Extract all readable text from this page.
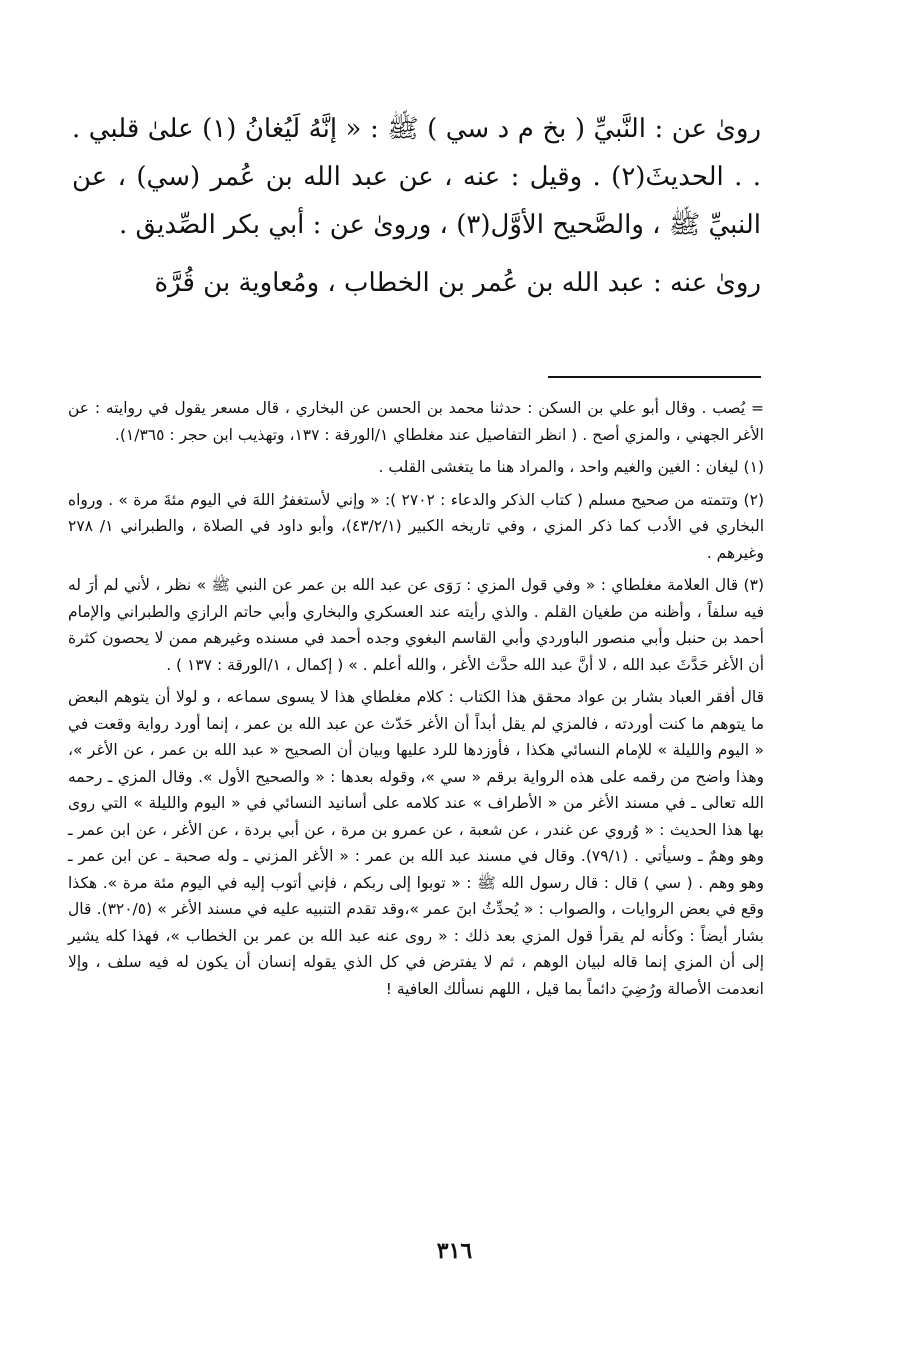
روىٰ عن : النَّبيِّ ( بخ م د سي ) ﷺ : « إنَّهُ لَيُغانُ (١) علىٰ قلبي . . . الحديثَ(٢) . وقيل : عنه ، عن عبد الله بن عُمر (سي) ، عن النبيِّ ﷺ ، والصَّحيح الأوَّل(٣) ، وروىٰ عن : أبي بكر الصِّديق .

روىٰ عنه : عبد الله بن عُمر بن الخطاب ، ومُعاوية بن قُرَّة

= يُصب . وقال أبو علي بن السكن : حدثنا محمد بن الحسن عن البخاري ، قال مسعر يقول في روايته : عن الأغر الجهني ، والمزي أصح . ( انظر التفاصيل عند مغلطاي ١/الورقة : ١٣٧، وتهذيب ابن حجر : ١/٣٦٥).

(١) ليغان : الغين والغيم واحد ، والمراد هنا ما يتغشى القلب .

(٢) وتتمته من صحيح مسلم ( كتاب الذكر والدعاء : ٢٧٠٢ ): « وإني لأستغفرُ اللهَ في اليوم مئةَ مرة » . ورواه البخاري في الأدب كما ذكر المزي ، وفي تاريخه الكبير (٤٣/٢/١)، وأبو داود في الصلاة ، والطبراني ١/ ٢٧٨ وغيرهم .

(٣) قال العلامة مغلطاي : « وفي قول المزي : رَوَى عن عبد الله بن عمر عن النبي ﷺ » نظر ، لأني لم أرَ له فيه سلفاً ، وأظنه من طغيان القلم . والذي رأيته عند العسكري والبخاري وأبي حاتم الرازي والطبراني والإمام أحمد بن حنبل وأبي منصور الباوردي وأبي القاسم البغوي وجده أحمد في مسنده وغيرهم ممن لا يحصون كثرة أن الأغر حَدَّثَ عبد الله ، لا أنَّ عبد الله حدَّث الأغر ، والله أعلم . » ( إكمال ، ١/الورقة : ١٣٧ ) .

قال أفقر العباد بشار بن عواد محقق هذا الكتاب : كلام مغلطاي هذا لا يسوى سماعه ، و لولا أن يتوهم البعض ما يتوهم ما كنت أوردته ، فالمزي لم يقل أبداً أن الأغر حَدّث عن عبد الله بن عمر ، إنما أورد رواية وقعت في « اليوم والليلة » للإمام النسائي هكذا ، فأوزدها للرد عليها وبيان أن الصحيح « عبد الله بن عمر ، عن الأغر »، وهذا واضح من رقمه على هذه الرواية برقم « سي »، وقوله بعدها : « والصحيح الأول ». وقال المزي ـ رحمه الله تعالى ـ في مسند الأغر من « الأطراف » عند كلامه على أسانيد النسائي في « اليوم والليلة » التي روى بها هذا الحديث : « وُروي عن غندر ، عن شعبة ، عن عمرو بن مرة ، عن أبي بردة ، عن الأغر ، عن ابن عمر ـ وهو وهمٌ ـ وسيأتي . (٧٩/١). وقال في مسند عبد الله بن عمر : « الأغر المزني ـ وله صحبة ـ عن ابن عمر ـ وهو وهم . ( سي ) قال : قال رسول الله ﷺ : « توبوا إلى ربكم ، فإني أتوب إليه في اليوم مئة مرة ». هكذا وقع في بعض الروايات ، والصواب : « يُحدِّثُ ابنَ عمر »،وقد تقدم التنبيه عليه في مسند الأغر » (٣٢٠/٥). قال بشار أيضاً : وكأنه لم يقرأ قول المزي بعد ذلك : « روى عنه عبد الله بن عمر بن الخطاب »، فهذا كله يشير إلى أن المزي إنما قاله لبيان الوهم ، ثم لا يفترض في كل الذي يقوله إنسان أن يكون له فيه سلف ، وإلا انعدمت الأصالة ورُضِيَ دائماً بما قيل ، اللهم نسألك العافية !

٣١٦
